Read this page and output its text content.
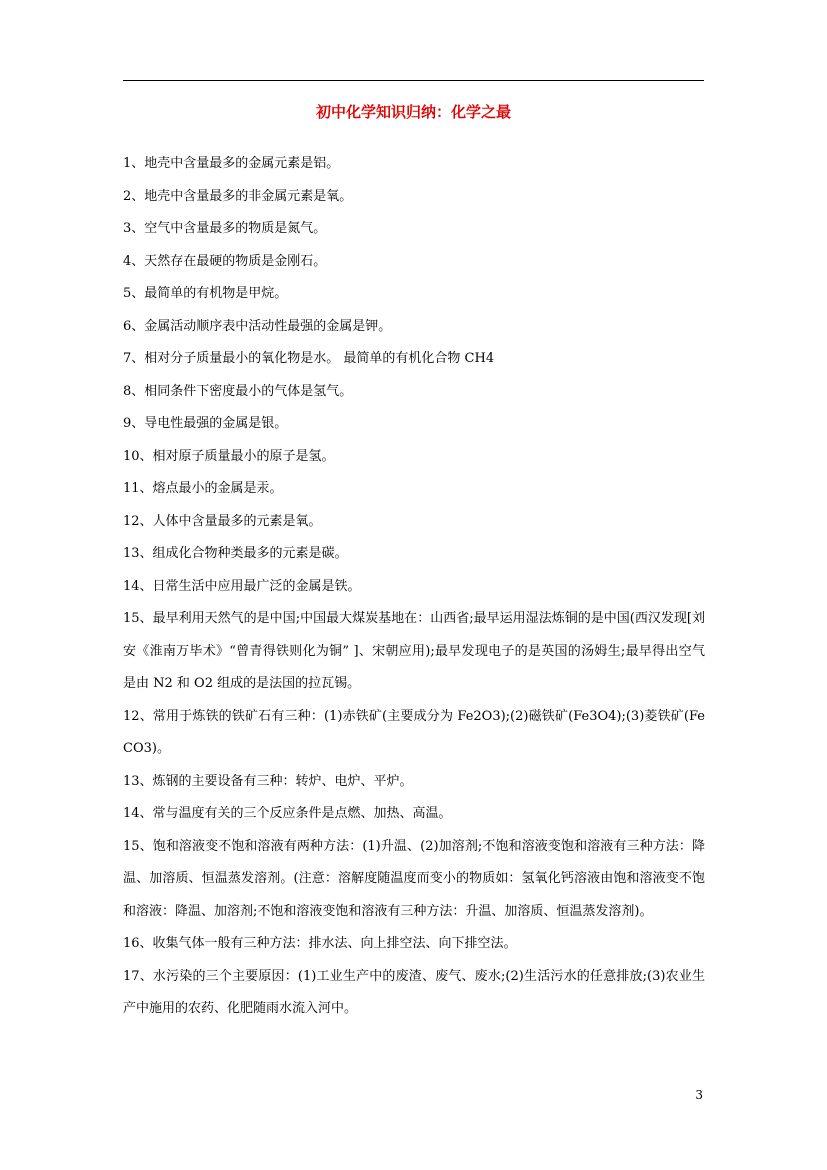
初中化学知识归纳：化学之最

1、地壳中含量最多的金属元素是铝。

2、地壳中含量最多的非金属元素是氧。

3、空气中含量最多的物质是氮气。

4、天然存在最硬的物质是金刚石。

5、最简单的有机物是甲烷。

6、金属活动顺序表中活动性最强的金属是钾。

7、相对分子质量最小的氧化物是水。 最简单的有机化合物 CH4

8、相同条件下密度最小的气体是氢气。

9、导电性最强的金属是银。

10、相对原子质量最小的原子是氢。

11、熔点最小的金属是汞。

12、人体中含量最多的元素是氧。

13、组成化合物种类最多的元素是碳。

14、日常生活中应用最广泛的金属是铁。

15、最早利用天然气的是中国;中国最大煤炭基地在：山西省;最早运用湿法炼铜的是中国(西汉发现[刘安《淮南万毕术》“曾青得铁则化为铜” ]、宋朝应用);最早发现电子的是英国的汤姆生;最早得出空气是由 N2 和 O2 组成的是法国的拉瓦锡。

12、常用于炼铁的铁矿石有三种：(1)赤铁矿(主要成分为 Fe2O3);(2)磁铁矿(Fe3O4);(3)菱铁矿(FeCO3)。

13、炼钢的主要设备有三种：转炉、电炉、平炉。

14、常与温度有关的三个反应条件是点燃、加热、高温。

15、饱和溶液变不饱和溶液有两种方法：(1)升温、(2)加溶剂;不饱和溶液变饱和溶液有三种方法：降温、加溶质、恒温蒸发溶剂。(注意：溶解度随温度而变小的物质如：氢氧化钙溶液由饱和溶液变不饱和溶液：降温、加溶剂;不饱和溶液变饱和溶液有三种方法：升温、加溶质、恒温蒸发溶剂)。

16、收集气体一般有三种方法：排水法、向上排空法、向下排空法。

17、水污染的三个主要原因：(1)工业生产中的废渣、废气、废水;(2)生活污水的任意排放;(3)农业生产中施用的农药、化肥随雨水流入河中。

3
